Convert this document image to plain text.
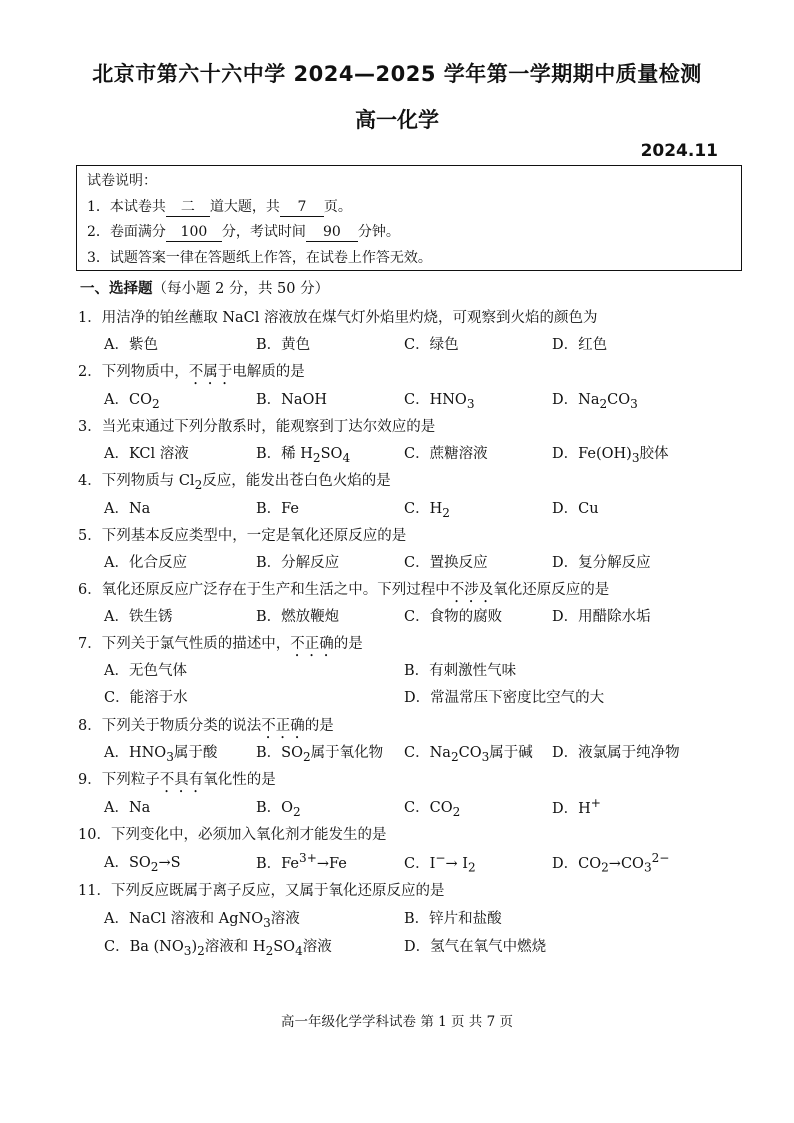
北京市第六十六中学 2024—2025 学年第一学期期中质量检测
高一化学
2024.11
试卷说明：
1．本试卷共 二 道大题，共 7 页。
2．卷面满分 100 分，考试时间 90 分钟。
3．试题答案一律在答题纸上作答，在试卷上作答无效。
一、选择题（每小题 2 分，共 50 分）
1．用洁净的铂丝蘸取 NaCl 溶液放在煤气灯外焰里灼烧，可观察到火焰的颜色为
A．紫色	B．黄色	C．绿色	D．红色
2．下列物质中，不属于电解质的是
A．$CO_2$	B．NaOH	C．$HNO_3$	D．$Na_2CO_3$
3．当光束通过下列分散系时，能观察到丁达尔效应的是
A．KCl 溶液	B．稀 $H_2SO_4$	C．蔗糖溶液	D．$Fe(OH)_3$胶体
4．下列物质与 $Cl_2$反应，能发出苍白色火焰的是
A．Na	B．Fe	C．$H_2$	D．Cu
5．下列基本反应类型中，一定是氧化还原反应的是
A．化合反应	B．分解反应	C．置换反应	D．复分解反应
6．氧化还原反应广泛存在于生产和生活之中。下列过程中不涉及氧化还原反应的是
A．铁生锈	B．燃放鞭炮	C．食物的腐败	D．用醋除水垢
7．下列关于氯气性质的描述中，不正确的是
A．无色气体	B．有刺激性气味
C．能溶于水	D．常温常压下密度比空气的大
8．下列关于物质分类的说法不正确的是
A．$HNO_3$属于酸	B．$SO_2$属于氧化物 C．$Na_2CO_3$属于碱 D．液氯属于纯净物
9．下列粒子不具有氧化性的是
A．Na	B．$O_2$	C．$CO_2$	D．H+
10．下列变化中，必须加入氧化剂才能发生的是
A．$SO_2\to S$	B．$Fe^{3+}\to Fe$	C．$I^-\to I_2$	D．$CO_2\to CO_3^{2-}$
11．下列反应既属于离子反应，又属于氧化还原反应的是
A．NaCl 溶液和 AgNO$_3$溶液	B．锌片和盐酸
C．Ba $(NO_3)_2$溶液和 $H_2SO_4$溶液	D．氢气在氧气中燃烧
高一年级化学学科试卷 第 1 页 共 7 页
